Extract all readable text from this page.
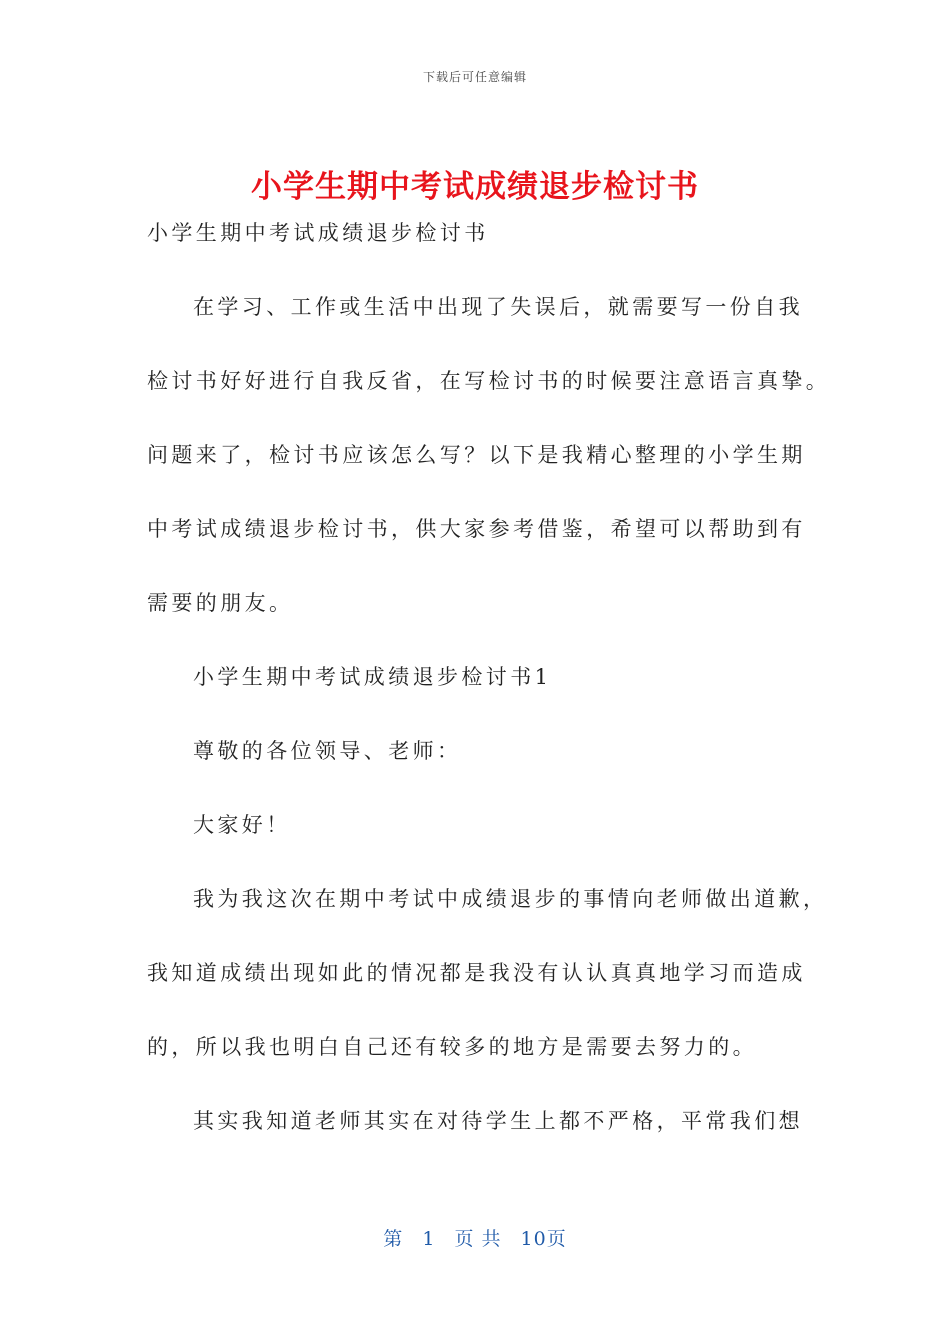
下载后可任意编辑
小学生期中考试成绩退步检讨书

小学生期中考试成绩退步检讨书

在学习、工作或生活中出现了失误后，就需要写一份自我

检讨书好好进行自我反省，在写检讨书的时候要注意语言真挚。

问题来了，检讨书应该怎么写？以下是我精心整理的小学生期

中考试成绩退步检讨书，供大家参考借鉴，希望可以帮助到有

需要的朋友。

小学生期中考试成绩退步检讨书1

尊敬的各位领导、老师：

大家好！

我为我这次在期中考试中成绩退步的事情向老师做出道歉，

我知道成绩出现如此的情况都是我没有认认真真地学习而造成

的，所以我也明白自己还有较多的地方是需要去努力的。

其实我知道老师其实在对待学生上都不严格，平常我们想

第 1 页 共 10页
